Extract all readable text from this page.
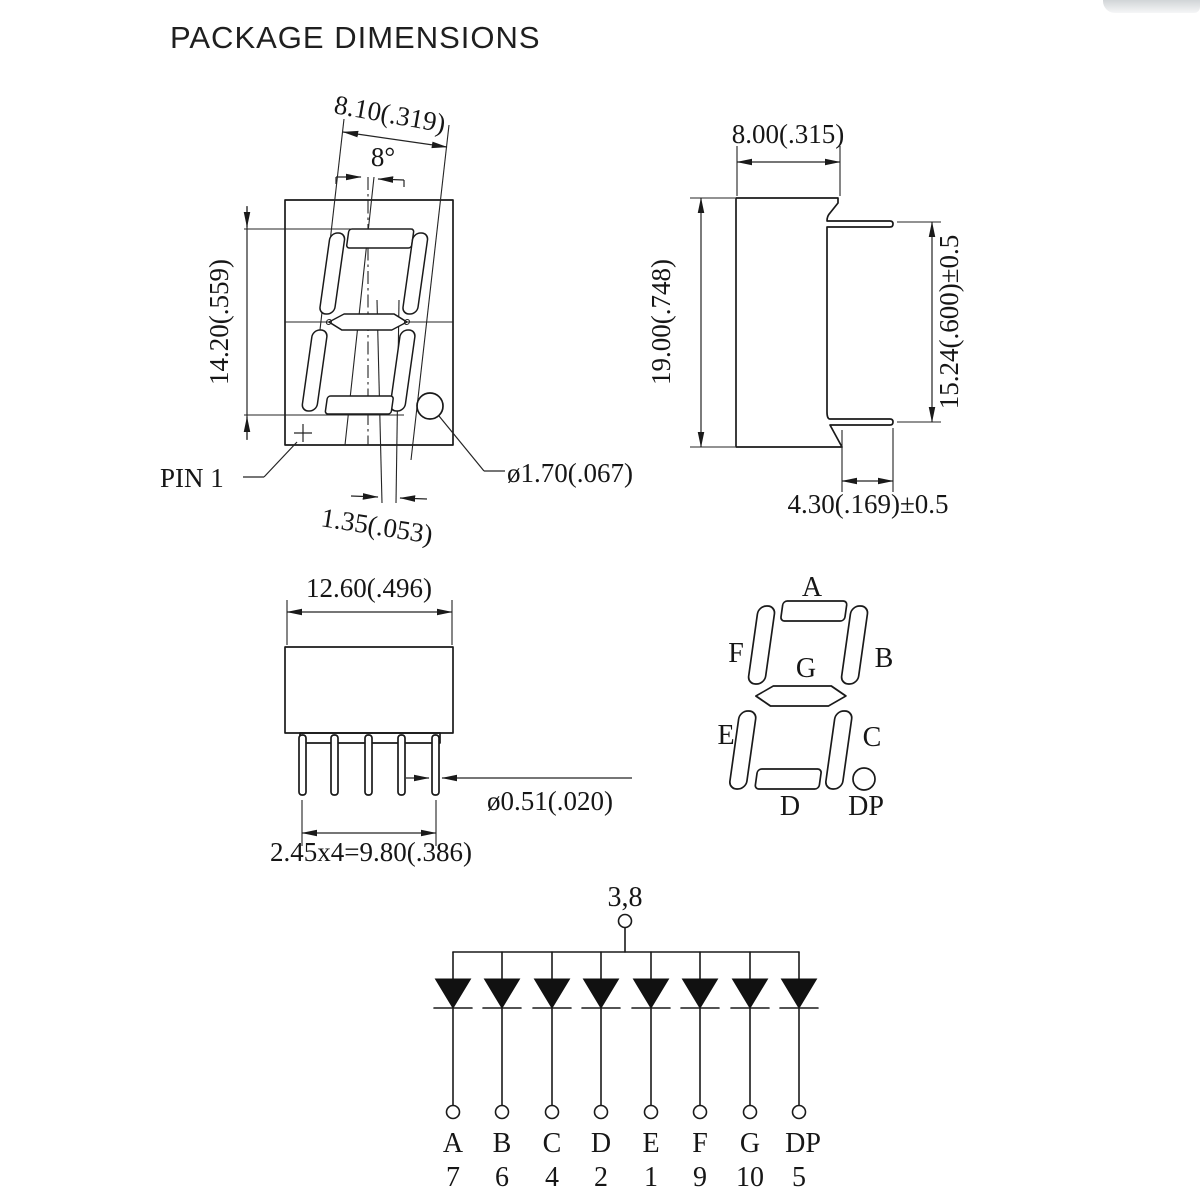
PACKAGE DIMENSIONS
8.10(.319)
8°
14.20(.559)
PIN 1	ø1.70(.067)
1.35(.053)
8.00(.315)
19.00(.748)	15.24(.600)±0.5
4.30(.169)±0.5
12.60(.496)
ø0.51(.020)
2.45x4=9.80(.386)
A
F	B
G
E	C
D DP
3,8
A B C D E F G DP
7 6 4 2 1 9 10 5
